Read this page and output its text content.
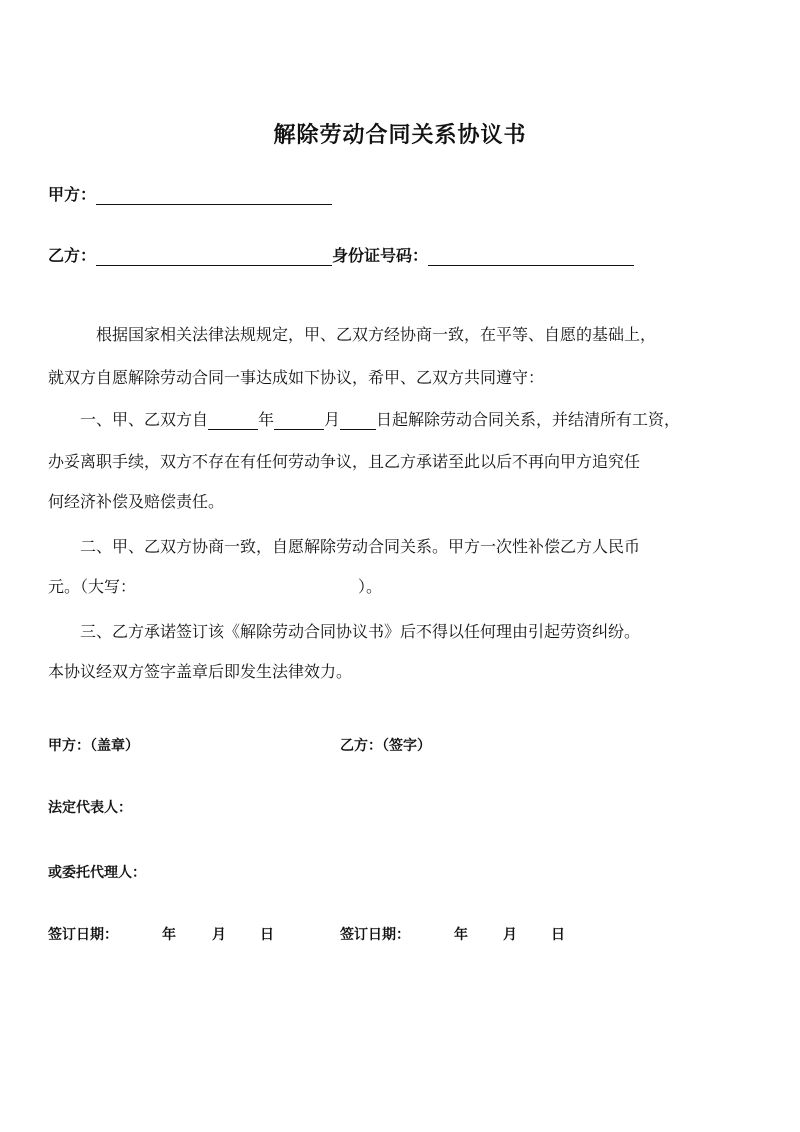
解除劳动合同关系协议书
甲方：
乙方：	身份证号码：
根据国家相关法律法规规定，甲、乙双方经协商一致，在平等、自愿的基础上，
就双方自愿解除劳动合同一事达成如下协议，希甲、乙双方共同遵守：
一、甲、乙双方自	年	月 日起解除劳动合同关系，并结清所有工资，
办妥离职手续，双方不存在有任何劳动争议，且乙方承诺至此以后不再向甲方追究任
何经济补偿及赔偿责任。
二、甲、乙双方协商一致，自愿解除劳动合同关系。甲方一次性补偿乙方人民币
元。（大写：	）。
三、乙方承诺签订该《解除劳动合同协议书》后不得以任何理由引起劳资纠纷。
本协议经双方签字盖章后即发生法律效力。
甲方：（盖章）	乙方：（签字）
法定代表人：
或委托代理人：
签订日期：	年	月 日	签订日期：	年	月 日
